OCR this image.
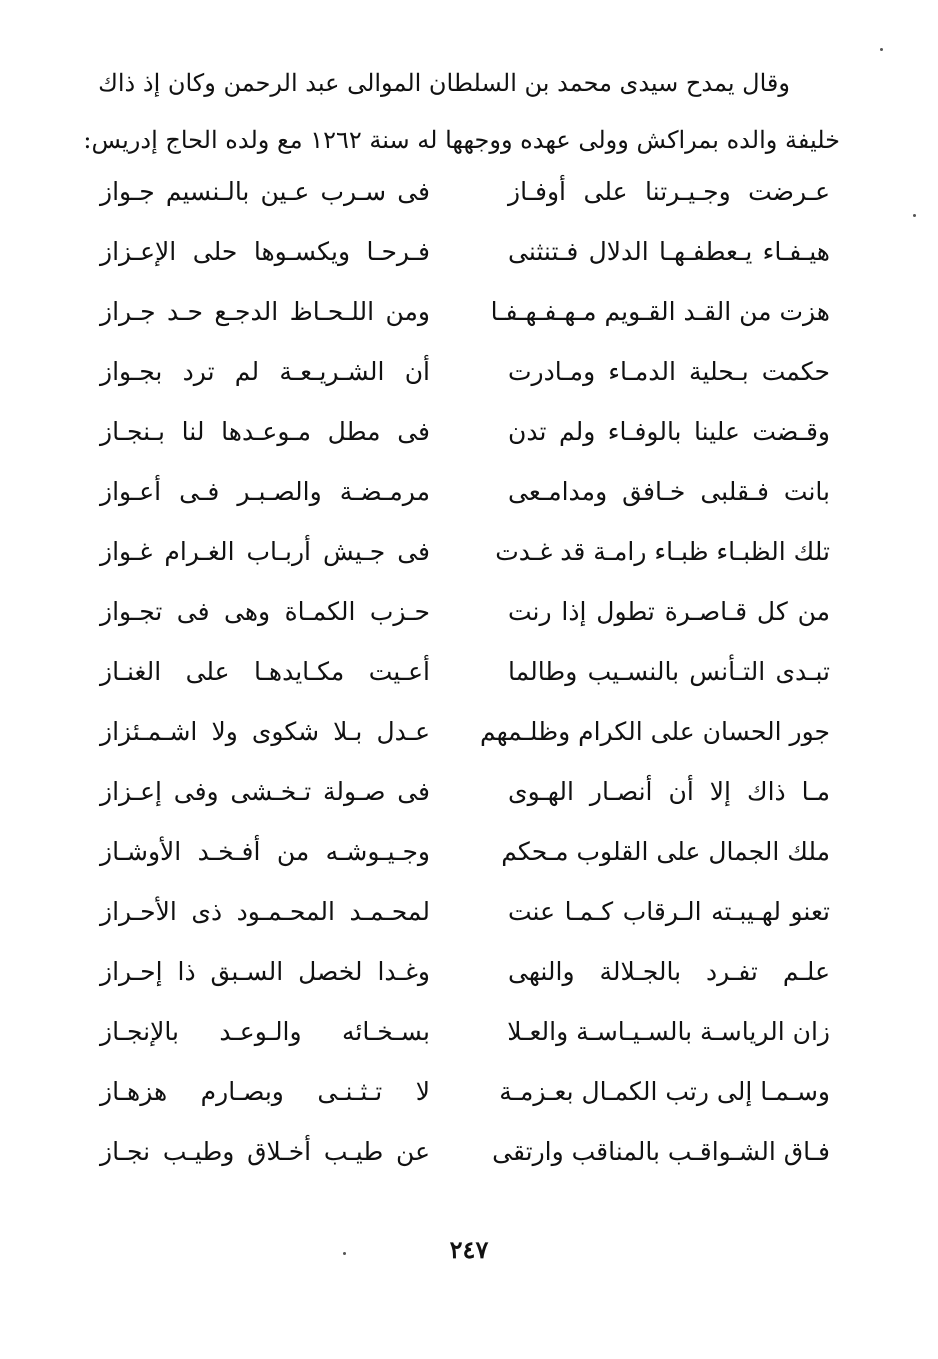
وقال يمدح سيدى محمد بن السلطان الموالى عبد الرحمن وكان إذ ذاك
خليفة والده بمراكش وولى عهده ووجهها له سنة ١٢٦٢ مع ولده الحاج إدريس:
عـرضت وجـيـرتنا على أوفـاز
فى سـرب عـين بالـنسيم جـواز
هيـفـاء يـعطفـهـا الدلال فـتنثنى
فـرحـا ويكسـوها حلى الإعـزاز
هزت من القـد القـويم مـهـفـهـفـا
ومن اللـحـاظ الدجـع حـد جـراز
حكمت بـحلية الدمـاء ومـادرت
أن الشـريـعـة لم ترد بجـواز
وقـضت علينا بالوفـاء ولم تدن
فى مطل مـوعـدها لنا بـنجـاز
بانت فـقلبى خـافق ومدامـعى
مرمـضـة والصـبـر فـى أعـواز
تلك الظبـاء ظبـاء رامـة قد غـدت
فى جـيش أربـاب الغـرام غـواز
من كل قـاصـرة تطول إذا رنت
حـزب الكمـاة وهى فى تجـواز
تبـدى التـأنس بالنسـيب وطالما
أعـيت مكـايدهـا على الغنـاز
جور الحسان على الكرام وظلـمهم
عـدل بـلا شكوى ولا اشـمـئزاز
مـا ذاك إلا أن أنصـار الهـوى
فى صـولة تـخـشى وفى إعـزاز
ملك الجمال على القلوب مـحكم
وجـيـوشـه من أفـخـد الأوشـاز
تعنو لهـيبـته الـرقاب كـمـا عنت
لمحـمـد المحـمـود ذى الأحـراز
علـم تفـرد بالجـلالة والنهى
وغـدا لخصل السـبق ذا إحـراز
زان الرياسـة بالسـيـاسـة والعـلا
بسـخـائه والـوعـد بالإنجـاز
وسـمـا إلى رتب الكمـال بعـزمـة
لا تـثـنـى وبصـارم هزهـاز
فـاق الشـواقـب بالمناقب وارتقى
عن طيـب أخـلاق وطيـب نجـاز
٢٤٧
